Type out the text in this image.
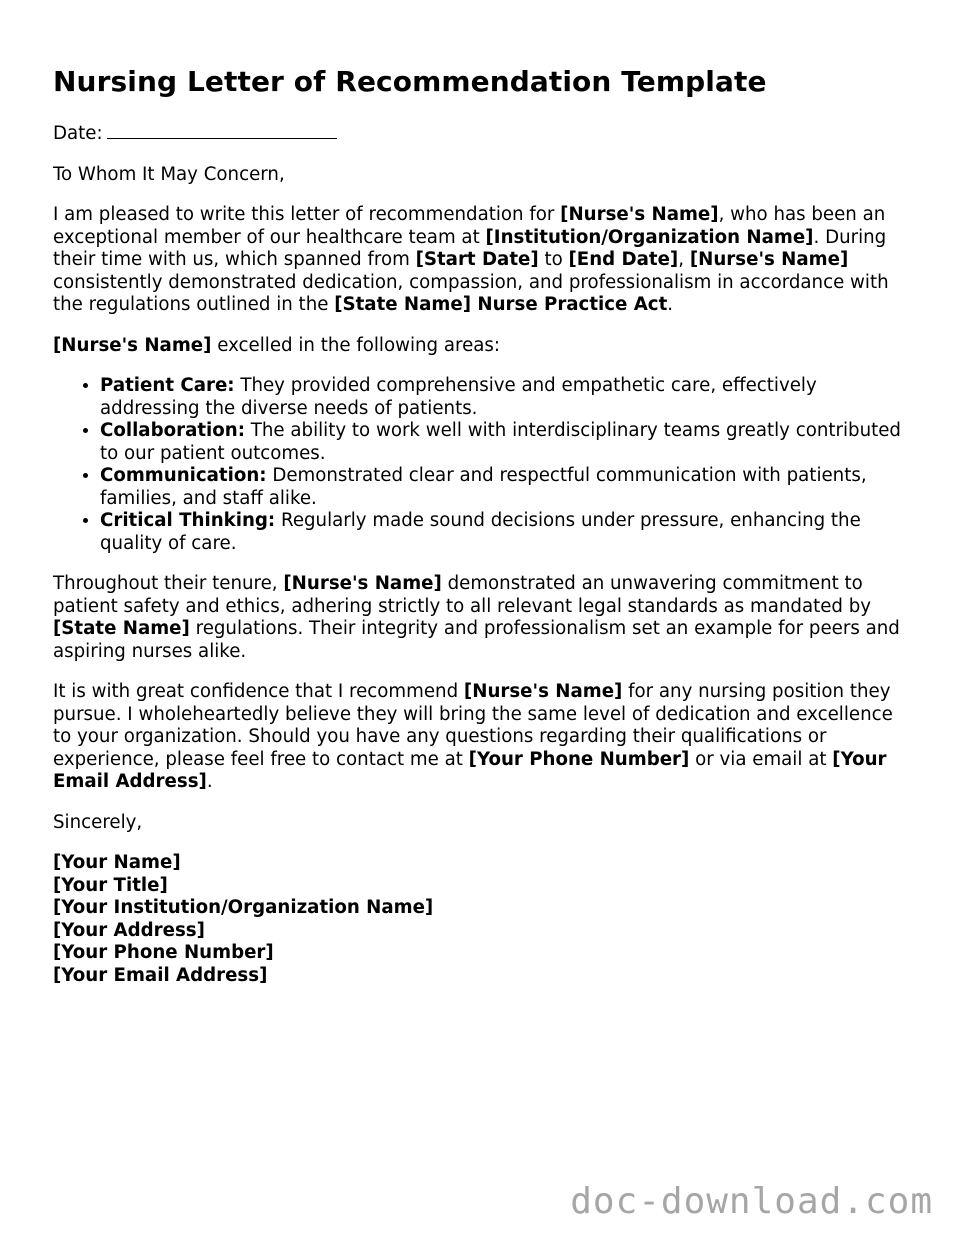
Nursing Letter of Recommendation Template

Date:

To Whom It May Concern,

I am pleased to write this letter of recommendation for [Nurse's Name], who has been an exceptional member of our healthcare team at [Institution/Organization Name]. During their time with us, which spanned from [Start Date] to [End Date], [Nurse's Name] consistently demonstrated dedication, compassion, and professionalism in accordance with the regulations outlined in the [State Name] Nurse Practice Act.

[Nurse's Name] excelled in the following areas:

• Patient Care: They provided comprehensive and empathetic care, effectively addressing the diverse needs of patients.
• Collaboration: The ability to work well with interdisciplinary teams greatly contributed to our patient outcomes.
• Communication: Demonstrated clear and respectful communication with patients, families, and staff alike.
• Critical Thinking: Regularly made sound decisions under pressure, enhancing the quality of care.

Throughout their tenure, [Nurse's Name] demonstrated an unwavering commitment to patient safety and ethics, adhering strictly to all relevant legal standards as mandated by [State Name] regulations. Their integrity and professionalism set an example for peers and aspiring nurses alike.

It is with great confidence that I recommend [Nurse's Name] for any nursing position they pursue. I wholeheartedly believe they will bring the same level of dedication and excellence to your organization. Should you have any questions regarding their qualifications or experience, please feel free to contact me at [Your Phone Number] or via email at [Your Email Address].

Sincerely,

[Your Name]
[Your Title]
[Your Institution/Organization Name]
[Your Address]
[Your Phone Number]
[Your Email Address]
doc-download.com
